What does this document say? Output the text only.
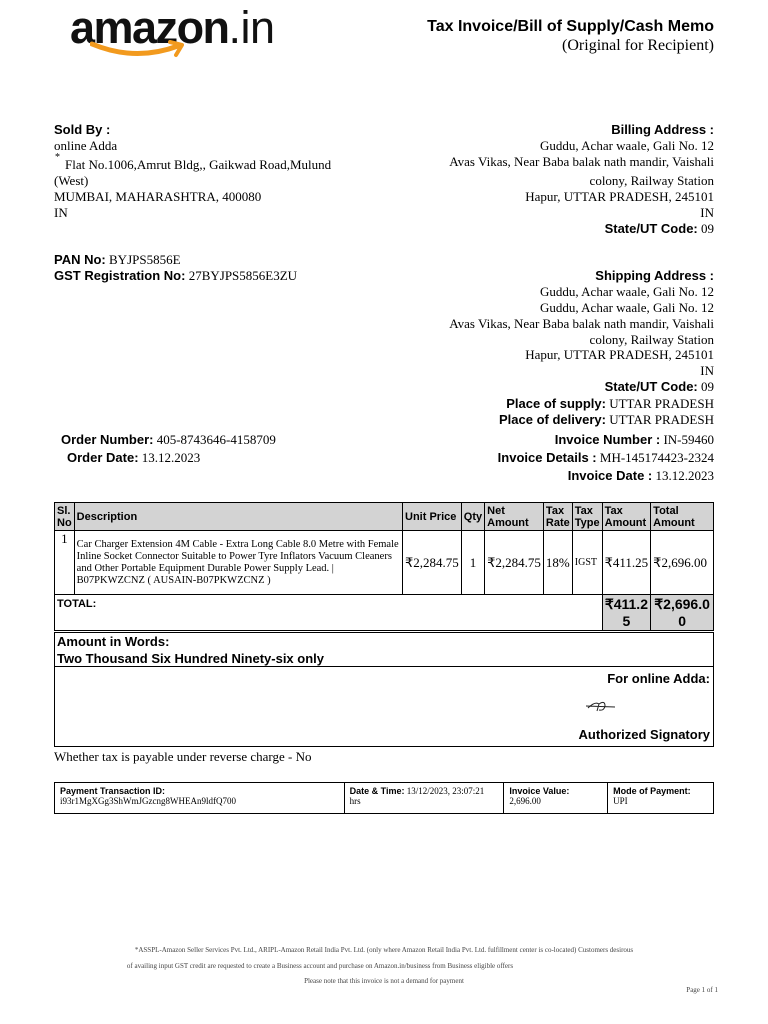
amazon.in	Tax Invoice/Bill of Supply/Cash Memo
(Original for Recipient)
Sold By :
online Adda
* Flat No.1006,Amrut Bldg,, Gaikwad Road,Mulund
(West)
MUMBAI, MAHARASHTRA, 400080
IN
Billing Address :
Guddu, Achar waale, Gali No. 12
Avas Vikas, Near Baba balak nath mandir, Vaishali
colony, Railway Station
Hapur, UTTAR PRADESH, 245101
IN
State/UT Code: 09
PAN No: BYJPS5856E
GST Registration No: 27BYJPS5856E3ZU	Shipping Address :
Guddu, Achar waale, Gali No. 12
Guddu, Achar waale, Gali No. 12
Avas Vikas, Near Baba balak nath mandir, Vaishali
colony, Railway Station
Hapur, UTTAR PRADESH, 245101
IN
State/UT Code: 09
Place of supply: UTTAR PRADESH
Place of delivery: UTTAR PRADESH
Order Number: 405-8743646-4158709
Order Date: 13.12.2023
Invoice Number : IN-59460
Invoice Details : MH-145174423-2324
Invoice Date : 13.12.2023
Sl. No	Description	Unit Price	Qty	Net Amount	Tax Rate	Tax Type	Tax Amount	Total Amount
1	Car Charger Extension 4M Cable - Extra Long Cable 8.0 Metre with Female Inline Socket Connector Suitable to Power Tyre Inflators Vacuum Cleaners and Other Portable Equipment Durable Power Supply Lead. | B07PKWZCNZ ( AUSAIN-B07PKWZCNZ )	₹2,284.75	1	₹2,284.75	18%	IGST	₹411.25	₹2,696.00
TOTAL:							₹411.25	₹2,696.00
Amount in Words:
Two Thousand Six Hundred Ninety-six only
For online Adda:
Authorized Signatory
Whether tax is payable under reverse charge - No
Payment Transaction ID:
i93r1MgXGg3ShWmJGzcng8WHEAn9ldfQ700

Date & Time: 13/12/2023, 23:07:21
hrs

Invoice Value:
2,696.00

Mode of Payment:
UPI
*ASSPL-Amazon Seller Services Pvt. Ltd., ARIPL-Amazon Retail India Pvt. Ltd. (only where Amazon Retail India Pvt. Ltd. fulfillment center is co-located) Customers desirous
of availing input GST credit are requested to create a Business account and purchase on Amazon.in/business from Business eligible offers
Please note that this invoice is not a demand for payment
Page 1 of 1
